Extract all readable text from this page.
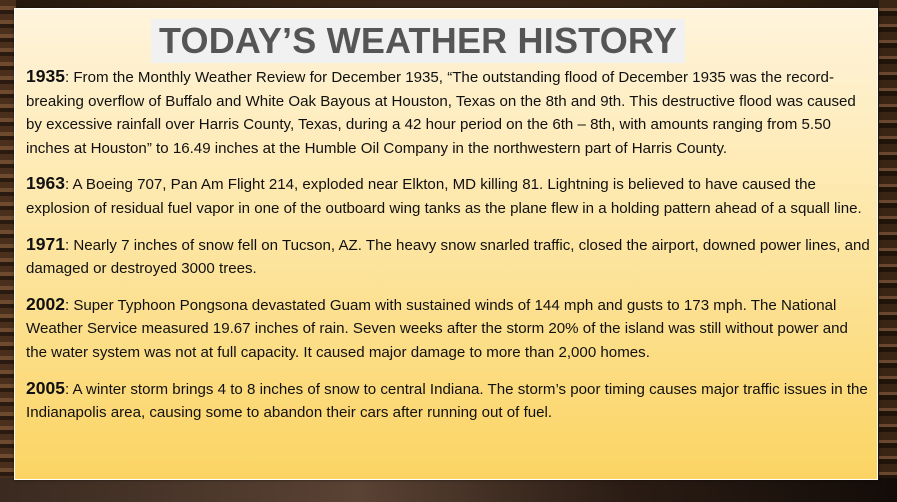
TODAY’S WEATHER HISTORY

1935: From the Monthly Weather Review for December 1935, “The outstanding flood of December 1935 was the record-breaking overflow of Buffalo and White Oak Bayous at Houston, Texas on the 8th and 9th. This destructive flood was caused by excessive rainfall over Harris County, Texas, during a 42 hour period on the 6th – 8th, with amounts ranging from 5.50 inches at Houston” to 16.49 inches at the Humble Oil Company in the northwestern part of Harris County.

1963: A Boeing 707, Pan Am Flight 214, exploded near Elkton, MD killing 81. Lightning is believed to have caused the explosion of residual fuel vapor in one of the outboard wing tanks as the plane flew in a holding pattern ahead of a squall line.

1971: Nearly 7 inches of snow fell on Tucson, AZ. The heavy snow snarled traffic, closed the airport, downed power lines, and damaged or destroyed 3000 trees.

2002: Super Typhoon Pongsona devastated Guam with sustained winds of 144 mph and gusts to 173 mph. The National Weather Service measured 19.67 inches of rain. Seven weeks after the storm 20% of the island was still without power and the water system was not at full capacity. It caused major damage to more than 2,000 homes.

2005: A winter storm brings 4 to 8 inches of snow to central Indiana. The storm’s poor timing causes major traffic issues in the Indianapolis area, causing some to abandon their cars after running out of fuel.
